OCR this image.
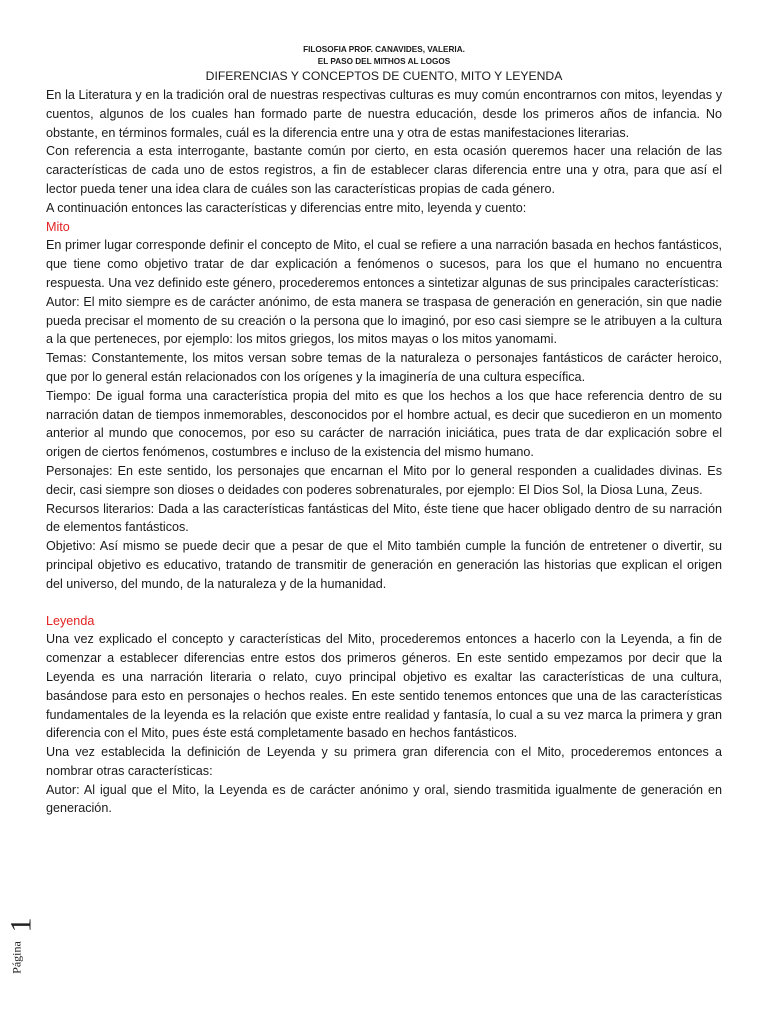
FILOSOFIA PROF. CANAVIDES, VALERIA.
EL PASO DEL MITHOS AL LOGOS
DIFERENCIAS Y CONCEPTOS DE CUENTO, MITO Y LEYENDA

En la Literatura y en la tradición oral de nuestras respectivas culturas es muy común encontrarnos con mitos, leyendas y cuentos, algunos de los cuales han formado parte de nuestra educación, desde los primeros años de infancia. No obstante, en términos formales, cuál es la diferencia entre una y otra de estas manifestaciones literarias.

Con referencia a esta interrogante, bastante común por cierto, en esta ocasión queremos hacer una relación de las características de cada uno de estos registros, a fin de establecer claras diferencia entre una y otra, para que así el lector pueda tener una idea clara de cuáles son las características propias de cada género.

A continuación entonces las características y diferencias entre mito, leyenda y cuento:

Mito

En primer lugar corresponde definir el concepto de Mito, el cual se refiere a una narración basada en hechos fantásticos, que tiene como objetivo tratar de dar explicación a fenómenos o sucesos, para los que el humano no encuentra respuesta. Una vez definido este género, procederemos entonces a sintetizar algunas de sus principales características:

Autor: El mito siempre es de carácter anónimo, de esta manera se traspasa de generación en generación, sin que nadie pueda precisar el momento de su creación o la persona que lo imaginó, por eso casi siempre se le atribuyen a la cultura a la que perteneces, por ejemplo: los mitos griegos, los mitos mayas o los mitos yanomami.

Temas: Constantemente, los mitos versan sobre temas de la naturaleza o personajes fantásticos de carácter heroico, que por lo general están relacionados con los orígenes y la imaginería de una cultura específica.

Tiempo: De igual forma una característica propia del mito es que los hechos a los que hace referencia dentro de su narración datan de tiempos inmemorables, desconocidos por el hombre actual, es decir que sucedieron en un momento anterior al mundo que conocemos, por eso su carácter de narración iniciática, pues trata de dar explicación sobre el origen de ciertos fenómenos, costumbres e incluso de la existencia del mismo humano.

Personajes: En este sentido, los personajes que encarnan el Mito por lo general responden a cualidades divinas. Es decir, casi siempre son dioses o deidades con poderes sobrenaturales, por ejemplo: El Dios Sol, la Diosa Luna, Zeus.

Recursos literarios: Dada a las características fantásticas del Mito, éste tiene que hacer obligado dentro de su narración de elementos fantásticos.

Objetivo: Así mismo se puede decir que a pesar de que el Mito también cumple la función de entretener o divertir, su principal objetivo es educativo, tratando de transmitir de generación en generación las historias que explican el origen del universo, del mundo, de la naturaleza y de la humanidad.

Leyenda

Una vez explicado el concepto y características del Mito, procederemos entonces a hacerlo con la Leyenda, a fin de comenzar a establecer diferencias entre estos dos primeros géneros. En este sentido empezamos por decir que la Leyenda es una narración literaria o relato, cuyo principal objetivo es exaltar las características de una cultura, basándose para esto en personajes o hechos reales. En este sentido tenemos entonces que una de las características fundamentales de la leyenda es la relación que existe entre realidad y fantasía, lo cual a su vez marca la primera y gran diferencia con el Mito, pues éste está completamente basado en hechos fantásticos.

Una vez establecida la definición de Leyenda y su primera gran diferencia con el Mito, procederemos entonces a nombrar otras características:

Autor: Al igual que el Mito, la Leyenda es de carácter anónimo y oral, siendo trasmitida igualmente de generación en generación.

Página
1
